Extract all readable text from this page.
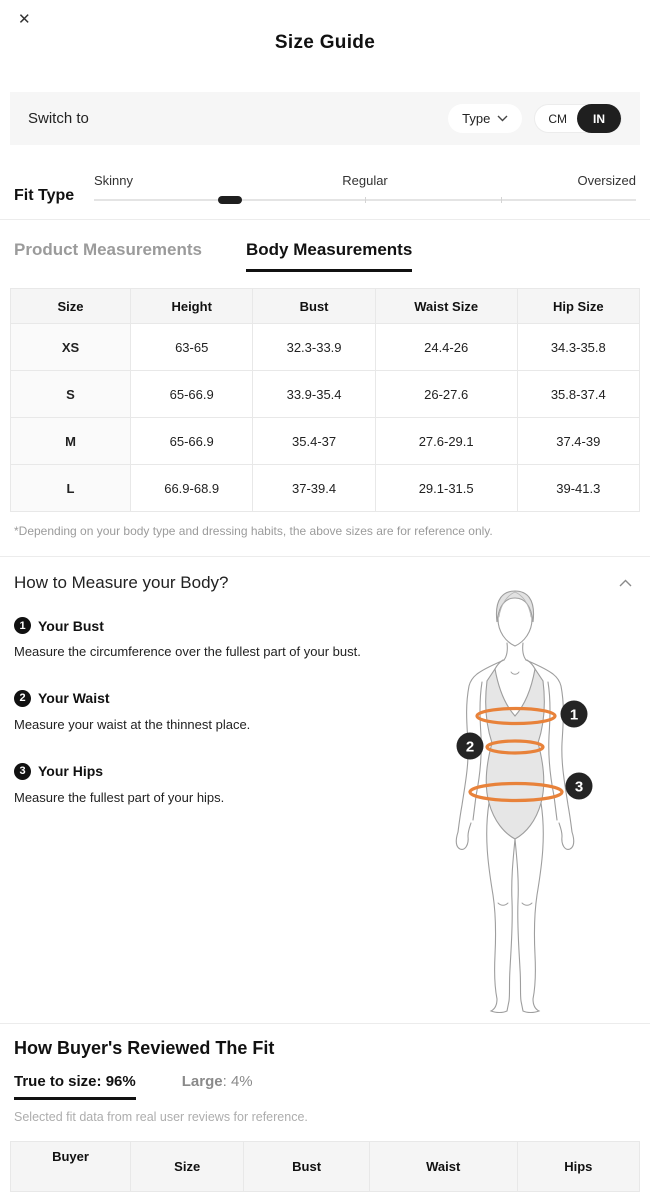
✕
Size Guide
Switch to	Type	CM	IN
Fit Type
Skinny	Regular	Oversized
Product Measurements	Body Measurements
Size	Height	Bust	Waist Size	Hip Size
XS	63-65	32.3-33.9	24.4-26	34.3-35.8
S	65-66.9	33.9-35.4	26-27.6	35.8-37.4
M	65-66.9	35.4-37	27.6-29.1	37.4-39
L	66.9-68.9	37-39.4	29.1-31.5	39-41.3
*Depending on your body type and dressing habits, the above sizes are for reference only.
How to Measure your Body?
1 Your Bust
Measure the circumference over the fullest part of your bust.
2 Your Waist
Measure your waist at the thinnest place.
3 Your Hips
Measure the fullest part of your hips.
1
2
3
How Buyer's Reviewed The Fit
True to size: 96%	Large: 4%
Selected fit data from real user reviews for reference.
Buyer	Size	Bust	Waist	Hips
